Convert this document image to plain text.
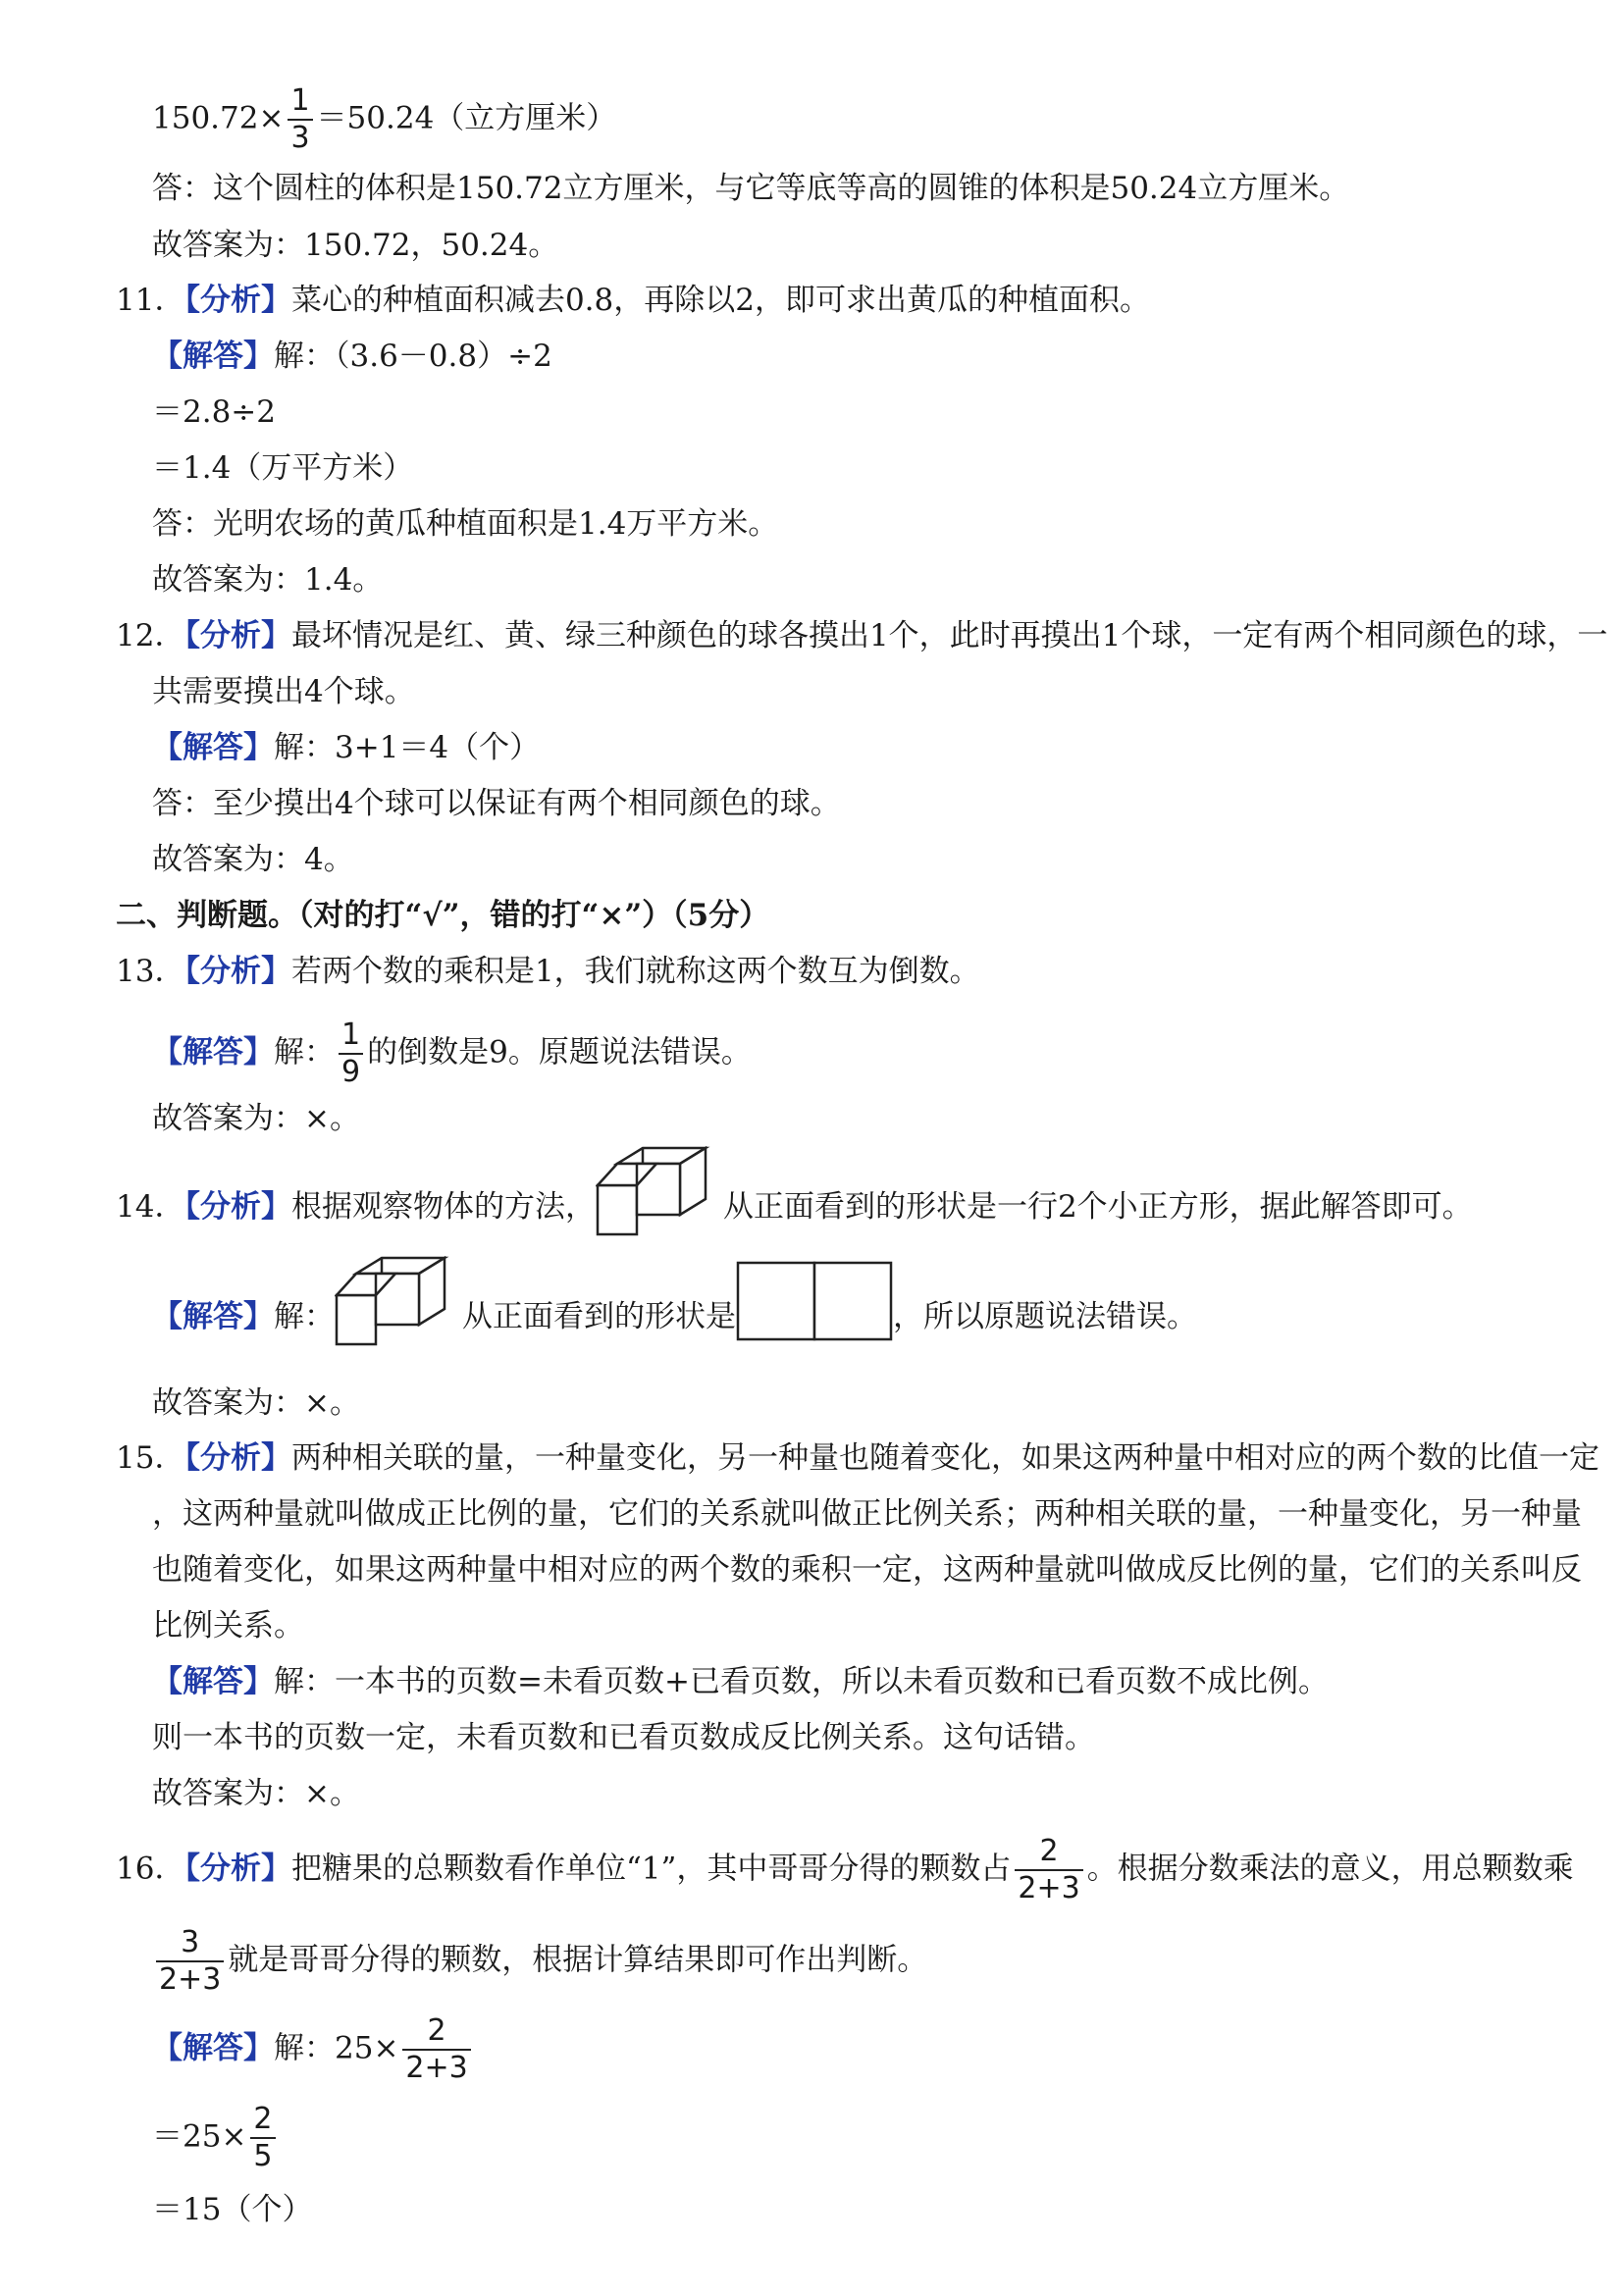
$150.72\times \frac{1}{3} =50.24$（立方厘米）
答：这个圆柱的体积是150.72立方厘米，与它等底等高的圆锥的体积是50.24立方厘米。
故答案为：150.72，50.24。
11．【分析】菜心的种植面积减去0.8，再除以2，即可求出黄瓜的种植面积。
【解答】解：（3.6－0.8）÷2
＝2.8÷2
＝1.4（万平方米）
答：光明农场的黄瓜种植面积是1.4万平方米。
故答案为：1.4。
12．【分析】最坏情况是红、黄、绿三种颜色的球各摸出1个，此时再摸出1个球，一定有两个相同颜色的球，一
共需要摸出4个球。
【解答】解：3+1＝4（个）
答：至少摸出4个球可以保证有两个相同颜色的球。
故答案为：4。
二、判断题。（对的打“√”，错的打“×”）（5分）
13．【分析】若两个数的乘积是1，我们就称这两个数互为倒数。
【解答】解： $\frac{1}{9}$ 的倒数是9。原题说法错误。
故答案为：×。
14．【分析】根据观察物体的方法，	从正面看到的形状是一行2个小正方形，据此解答即可。
【解答】解：	从正面看到的形状是	，所以原题说法错误。
故答案为：×。
15．【分析】两种相关联的量，一种量变化，另一种量也随着变化，如果这两种量中相对应的两个数的比值一定
，这两种量就叫做成正比例的量，它们的关系就叫做正比例关系；两种相关联的量，一种量变化，另一种量
也随着变化，如果这两种量中相对应的两个数的乘积一定，这两种量就叫做成反比例的量，它们的关系叫反
比例关系。
【解答】解：一本书的页数=未看页数+已看页数，所以未看页数和已看页数不成比例。
则一本书的页数一定，未看页数和已看页数成反比例关系。这句话错。
故答案为：×。
16．【分析】把糖果的总颗数看作单位“1”，其中哥哥分得的颗数占 $\frac{2}{2+3}$ 。根据分数乘法的意义，用总颗数乘
$\frac{3}{2+3}$ 就是哥哥分得的颗数，根据计算结果即可作出判断。
【解答】解：$25\times \frac{2}{2+3}$
$=25\times \frac{2}{5}$
＝15（个）
